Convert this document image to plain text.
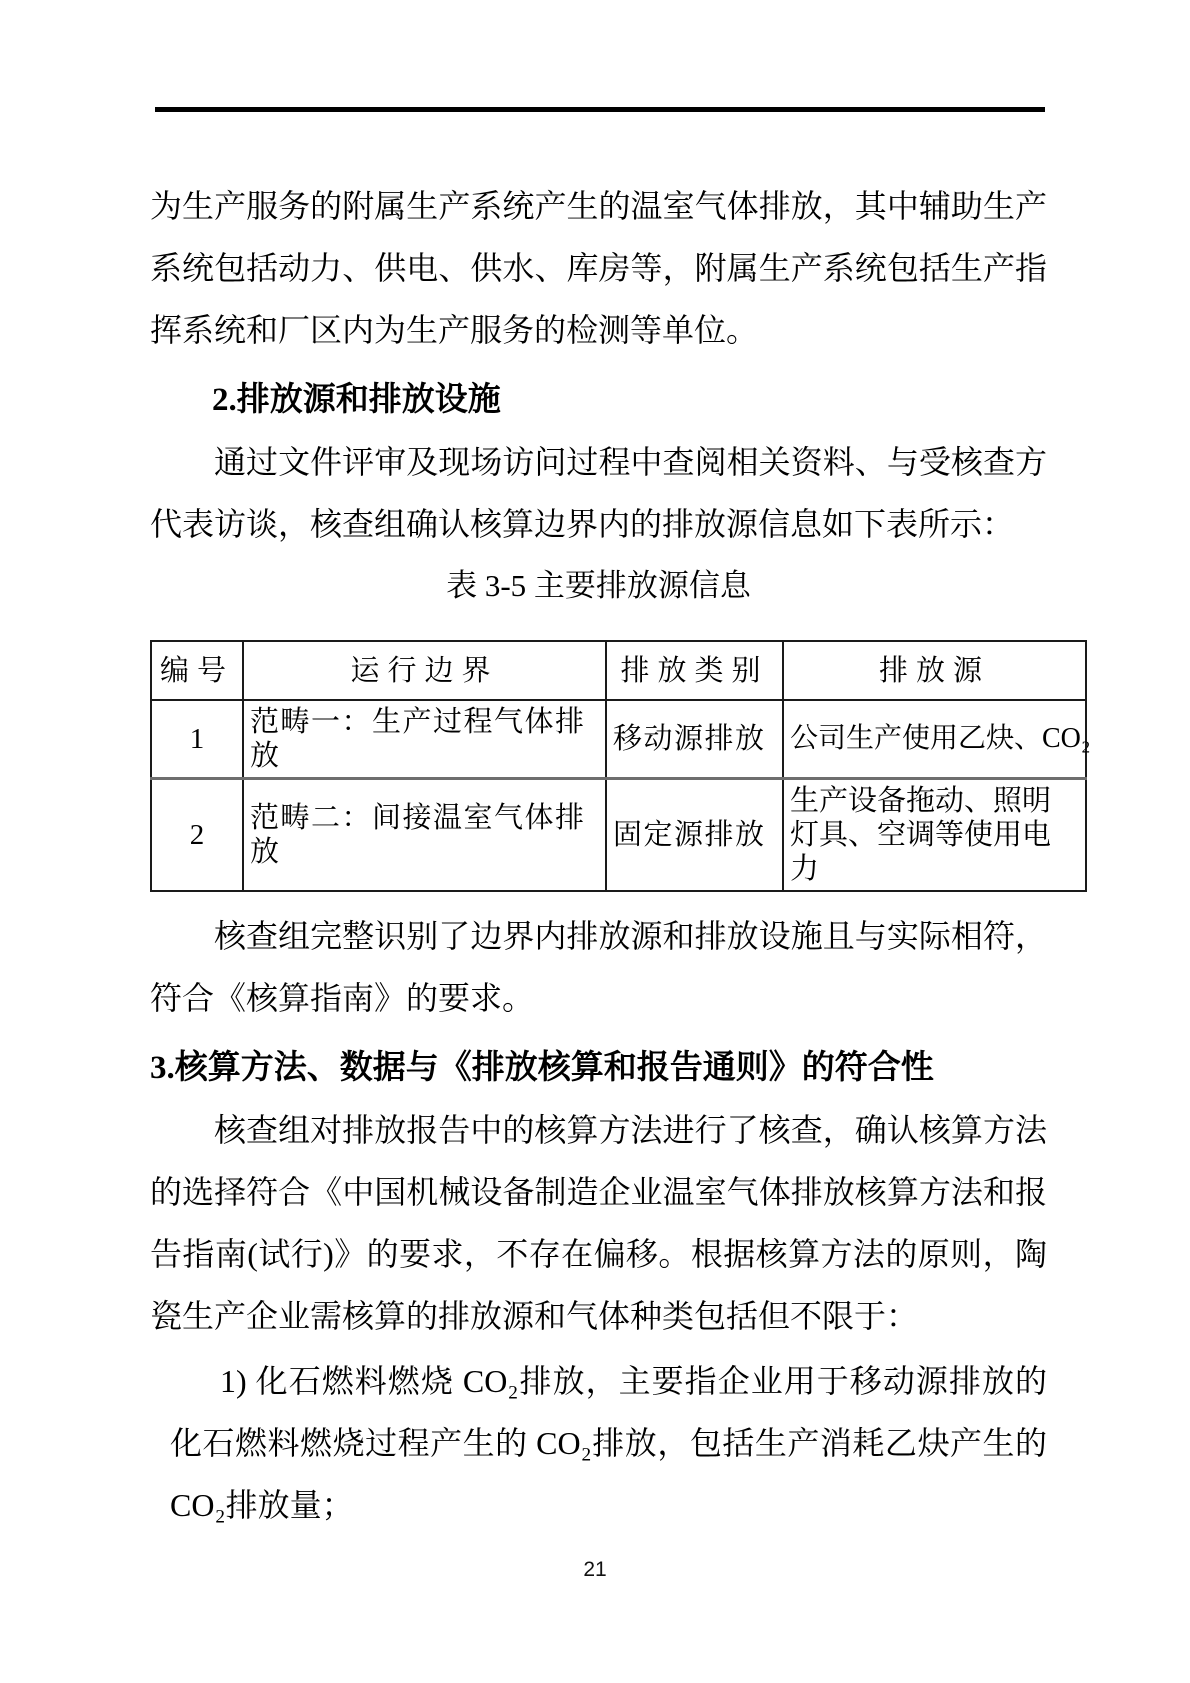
为生产服务的附属生产系统产生的温室气体排放，其中辅助生产系统包括动力、供电、供水、库房等，附属生产系统包括生产指挥系统和厂区内为生产服务的检测等单位。

2.排放源和排放设施

通过文件评审及现场访问过程中查阅相关资料、与受核查方代表访谈，核查组确认核算边界内的排放源信息如下表所示：

表 3-5 主要排放源信息
编号	运行边界	排放类别	排放源
1	范畴一：生产过程气体排放	移动源排放	公司生产使用乙炔、CO₂
2	范畴二：间接温室气体排放	固定源排放	生产设备拖动、照明灯具、空调等使用电力

核查组完整识别了边界内排放源和排放设施且与实际相符，符合《核算指南》的要求。

3.核算方法、数据与《排放核算和报告通则》的符合性

核查组对排放报告中的核算方法进行了核查，确认核算方法的选择符合《中国机械设备制造企业温室气体排放核算方法和报告指南(试行)》的要求，不存在偏移。根据核算方法的原则，陶瓷生产企业需核算的排放源和气体种类包括但不限于：

1) 化石燃料燃烧 CO₂排放，主要指企业用于移动源排放的化石燃料燃烧过程产生的 CO₂排放，包括生产消耗乙炔产生的 CO₂排放量；

21
